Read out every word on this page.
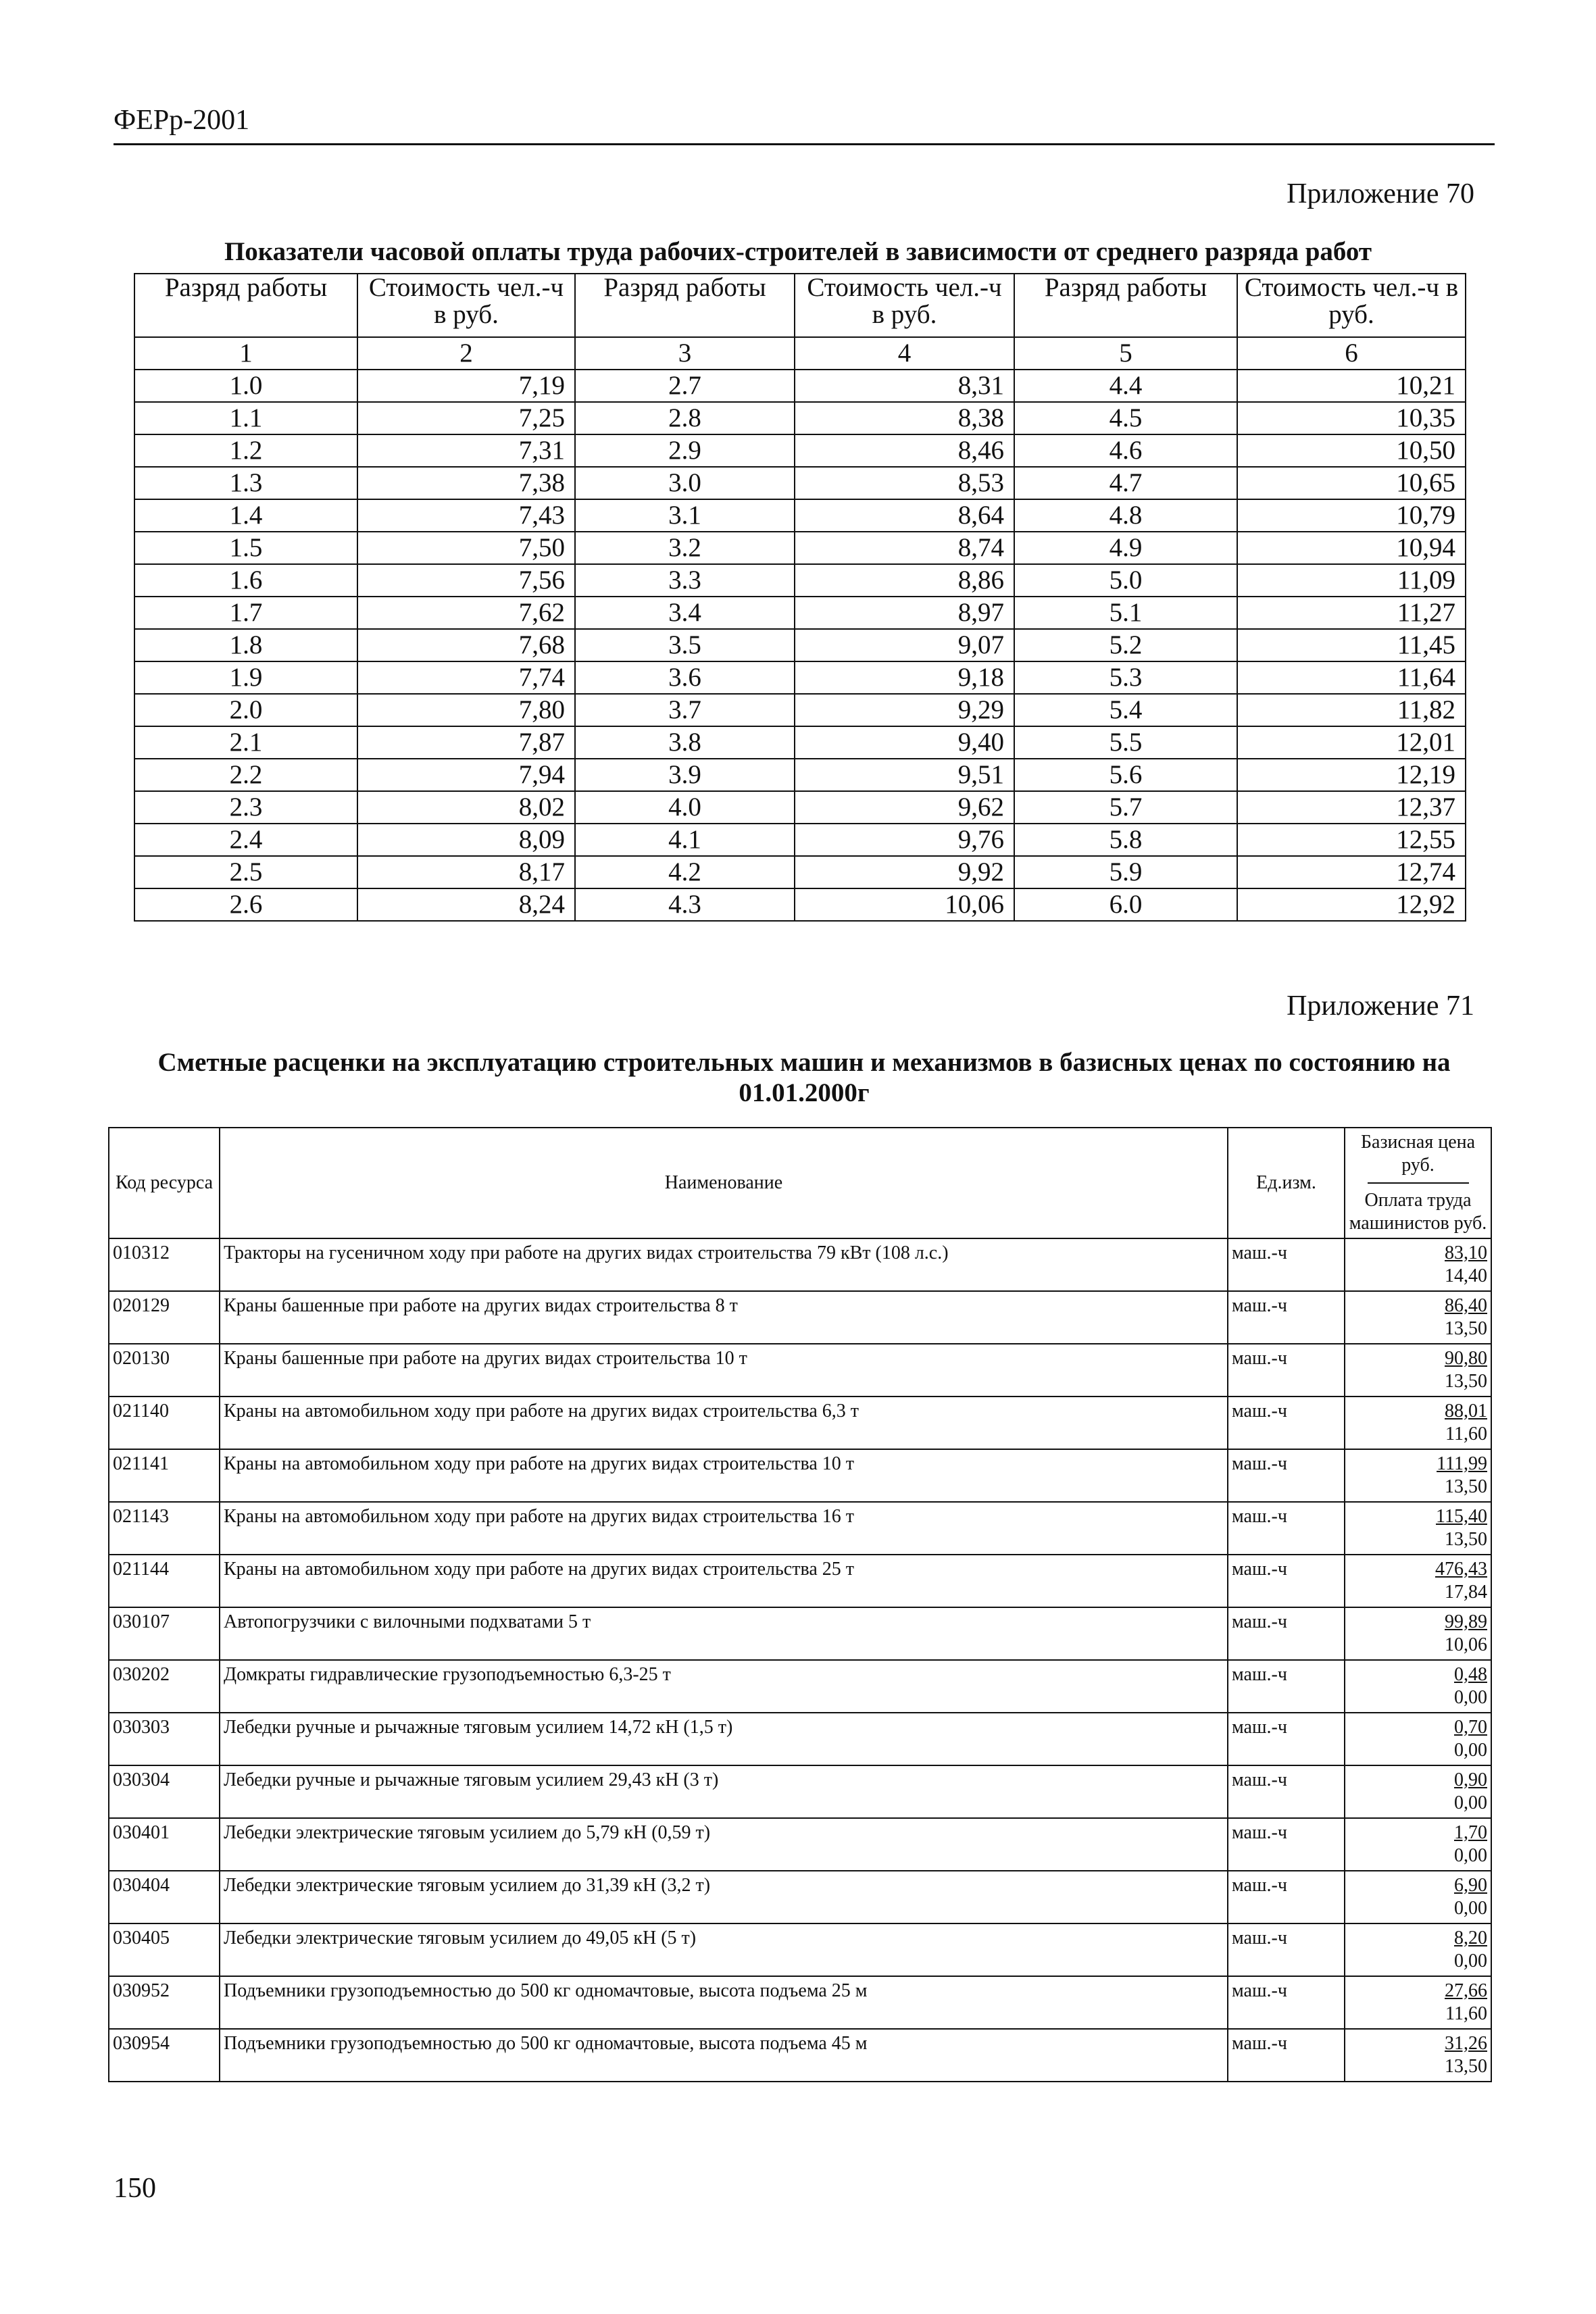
ФЕРр-2001
Приложение 70
Показатели часовой оплаты труда рабочих-строителей в зависимости от среднего разряда работ
Разряд работы	Стоимость чел.-ч в руб.	Разряд работы	Стоимость чел.-ч в руб.	Разряд работы	Стоимость чел.-ч в руб.
1	2	3	4	5	6
1.0	7,19	2.7	8,31	4.4	10,21
1.1	7,25	2.8	8,38	4.5	10,35
1.2	7,31	2.9	8,46	4.6	10,50
1.3	7,38	3.0	8,53	4.7	10,65
1.4	7,43	3.1	8,64	4.8	10,79
1.5	7,50	3.2	8,74	4.9	10,94
1.6	7,56	3.3	8,86	5.0	11,09
1.7	7,62	3.4	8,97	5.1	11,27
1.8	7,68	3.5	9,07	5.2	11,45
1.9	7,74	3.6	9,18	5.3	11,64
2.0	7,80	3.7	9,29	5.4	11,82
2.1	7,87	3.8	9,40	5.5	12,01
2.2	7,94	3.9	9,51	5.6	12,19
2.3	8,02	4.0	9,62	5.7	12,37
2.4	8,09	4.1	9,76	5.8	12,55
2.5	8,17	4.2	9,92	5.9	12,74
2.6	8,24	4.3	10,06	6.0	12,92
Приложение 71
Сметные расценки на эксплуатацию строительных машин и механизмов в базисных ценах по состоянию на 01.01.2000г
Код ресурса	Наименование	Ед.изм.	Базисная цена руб.
Оплата труда машинистов руб.

010312	Тракторы на гусеничном ходу при работе на других видах строительства 79 кВт (108 л.с.)	маш.-ч	83,10
14,40

020129	Краны башенные при работе на других видах строительства 8 т	маш.-ч	86,40
13,50

020130	Краны башенные при работе на других видах строительства 10 т	маш.-ч	90,80
13,50

021140	Краны на автомобильном ходу при работе на других видах строительства 6,3 т	маш.-ч	88,01
11,60

021141	Краны на автомобильном ходу при работе на других видах строительства 10 т	маш.-ч	111,99
13,50

021143	Краны на автомобильном ходу при работе на других видах строительства 16 т	маш.-ч	115,40
13,50

021144	Краны на автомобильном ходу при работе на других видах строительства 25 т	маш.-ч	476,43
17,84

030107	Автопогрузчики с вилочными подхватами 5 т	маш.-ч	99,89
10,06

030202	Домкраты гидравлические грузоподъемностью 6,3-25 т	маш.-ч	0,48
0,00

030303	Лебедки ручные и рычажные тяговым усилием 14,72 кН (1,5 т)	маш.-ч	0,70
0,00

030304	Лебедки ручные и рычажные тяговым усилием 29,43 кН (3 т)	маш.-ч	0,90
0,00

030401	Лебедки электрические тяговым усилием до 5,79 кН (0,59 т)	маш.-ч	1,70
0,00

030404	Лебедки электрические тяговым усилием до 31,39 кН (3,2 т)	маш.-ч	6,90
0,00

030405	Лебедки электрические тяговым усилием до 49,05 кН (5 т)	маш.-ч	8,20
0,00

030952	Подъемники грузоподъемностью до 500 кг одномачтовые, высота подъема 25 м	маш.-ч	27,66
11,60

030954	Подъемники грузоподъемностью до 500 кг одномачтовые, высота подъема 45 м	маш.-ч	31,26
13,50
150
